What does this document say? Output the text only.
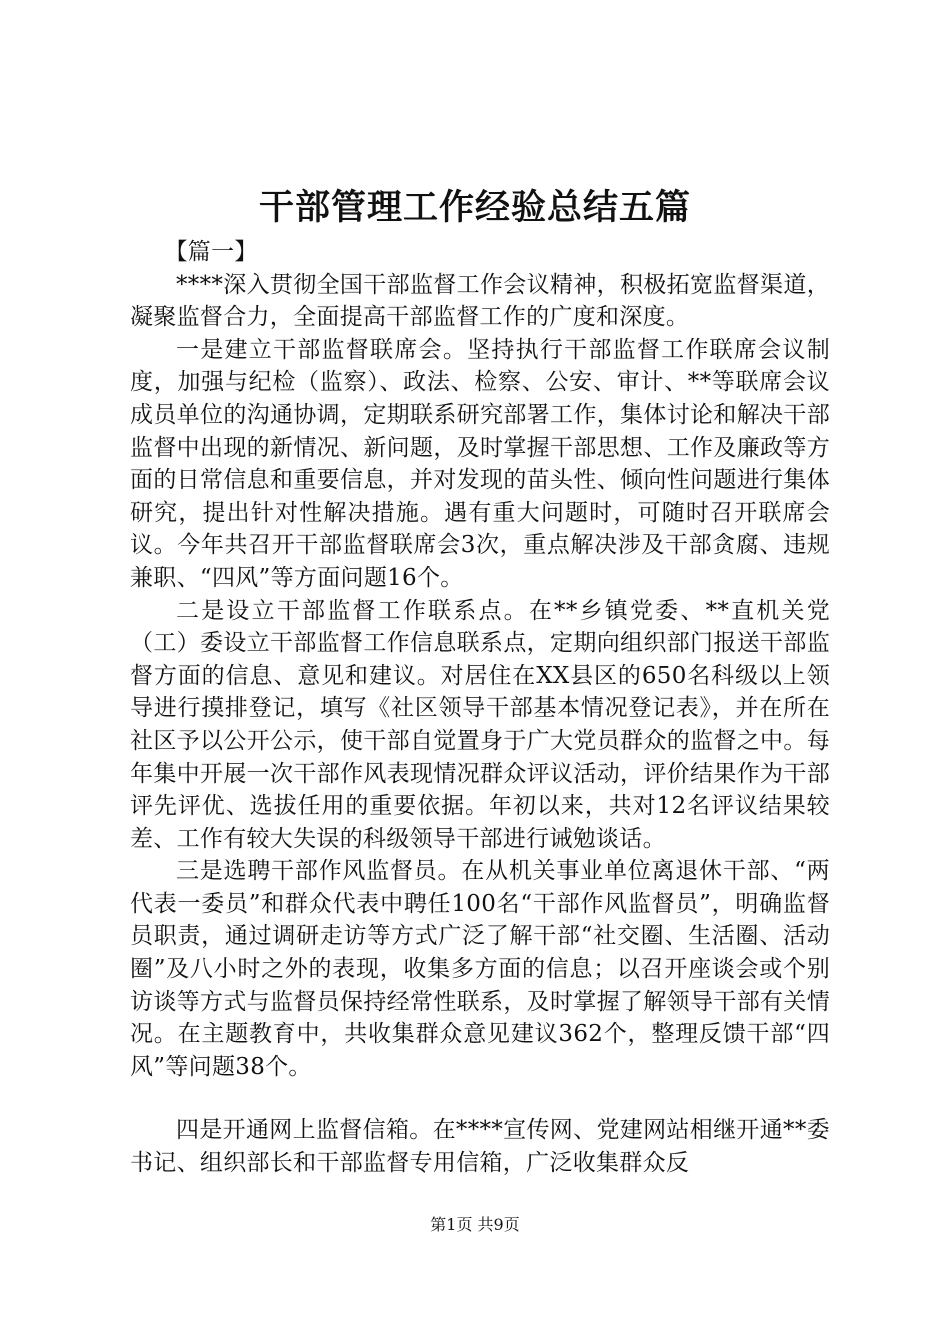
干部管理工作经验总结五篇

【篇一】

****深入贯彻全国干部监督工作会议精神，积极拓宽监督渠道，凝聚监督合力，全面提高干部监督工作的广度和深度。

一是建立干部监督联席会。坚持执行干部监督工作联席会议制度，加强与纪检（监察）、政法、检察、公安、审计、**等联席会议成员单位的沟通协调，定期联系研究部署工作，集体讨论和解决干部监督中出现的新情况、新问题，及时掌握干部思想、工作及廉政等方面的日常信息和重要信息，并对发现的苗头性、倾向性问题进行集体研究，提出针对性解决措施。遇有重大问题时，可随时召开联席会议。今年共召开干部监督联席会3次，重点解决涉及干部贪腐、违规兼职、“四风”等方面问题16个。

二是设立干部监督工作联系点。在**乡镇党委、**直机关党（工）委设立干部监督工作信息联系点，定期向组织部门报送干部监督方面的信息、意见和建议。对居住在XX县区的650名科级以上领导进行摸排登记，填写《社区领导干部基本情况登记表》，并在所在社区予以公开公示，使干部自觉置身于广大党员群众的监督之中。每年集中开展一次干部作风表现情况群众评议活动，评价结果作为干部评先评优、选拔任用的重要依据。年初以来，共对12名评议结果较差、工作有较大失误的科级领导干部进行诫勉谈话。

三是选聘干部作风监督员。在从机关事业单位离退休干部、“两代表一委员”和群众代表中聘任100名“干部作风监督员”，明确监督员职责，通过调研走访等方式广泛了解干部“社交圈、生活圈、活动圈”及八小时之外的表现，收集多方面的信息；以召开座谈会或个别访谈等方式与监督员保持经常性联系，及时掌握了解领导干部有关情况。在主题教育中，共收集群众意见建议362个，整理反馈干部“四风”等问题38个。

四是开通网上监督信箱。在****宣传网、党建网站相继开通**委书记、组织部长和干部监督专用信箱，广泛收集群众反

第1页 共9页
